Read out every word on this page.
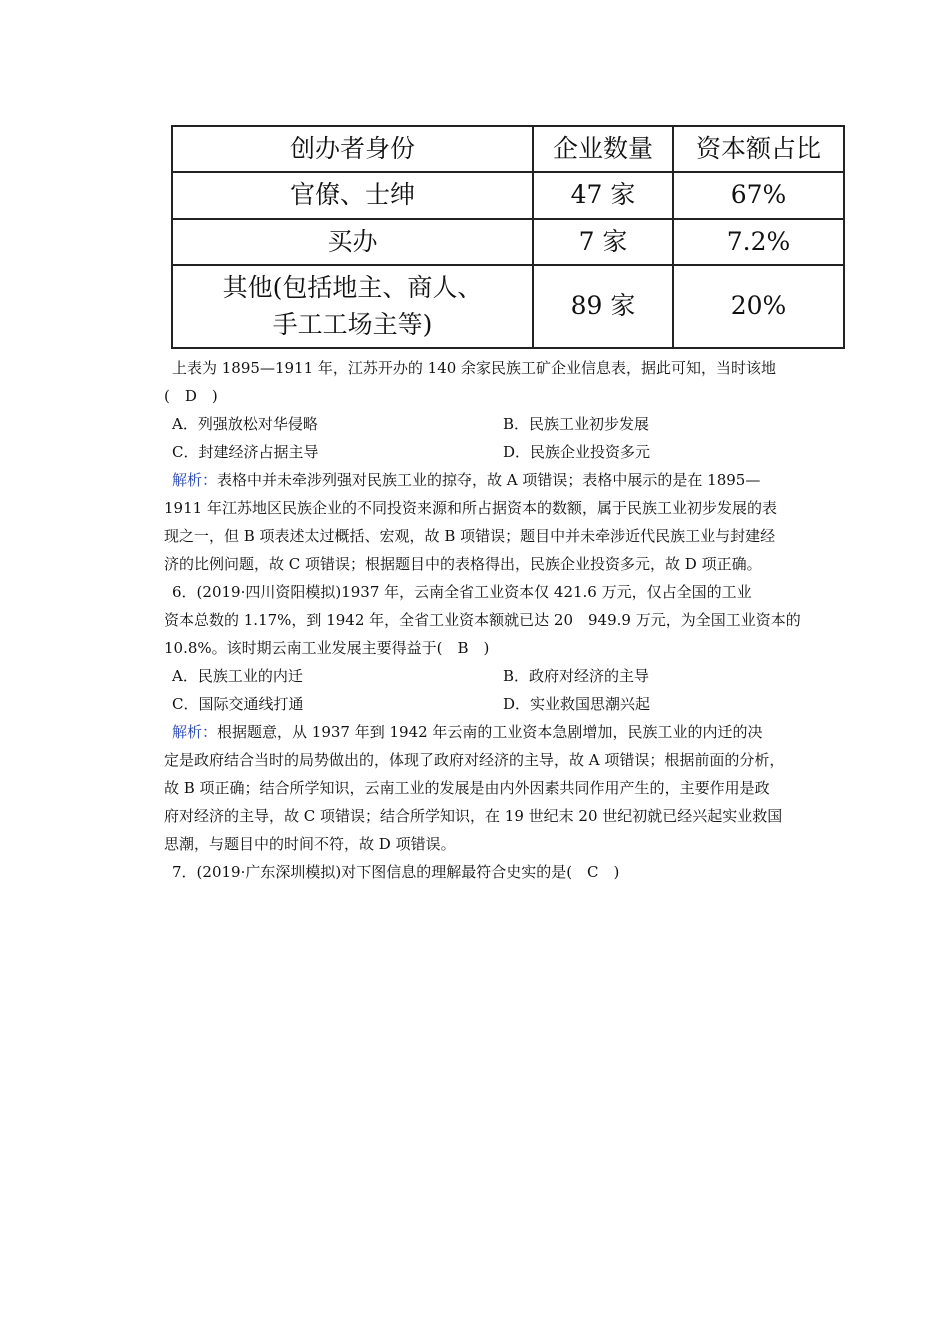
创办者身份	企业数量	资本额占比
官僚、士绅	47 家	67%
买办	7 家	7.2%

其他(包括地主、商人、
手工工场主等)	89 家	20%
上表为 1895—1911 年，江苏开办的 140 余家民族工矿企业信息表，据此可知，当时该地
(　D　)
A．列强放松对华侵略	B．民族工业初步发展
C．封建经济占据主导	D．民族企业投资多元
解析：表格中并未牵涉列强对民族工业的掠夺，故 A 项错误；表格中展示的是在 1895—
1911 年江苏地区民族企业的不同投资来源和所占据资本的数额，属于民族工业初步发展的表
现之一，但 B 项表述太过概括、宏观，故 B 项错误；题目中并未牵涉近代民族工业与封建经
济的比例问题，故 C 项错误；根据题目中的表格得出，民族企业投资多元，故 D 项正确。
6．(2019·四川资阳模拟)1937 年，云南全省工业资本仅 421.6 万元，仅占全国的工业
资本总数的 1.17%，到 1942 年，全省工业资本额就已达 20　949.9 万元，为全国工业资本的
10.8%。该时期云南工业发展主要得益于(　B　)
A．民族工业的内迁	B．政府对经济的主导
C．国际交通线打通	D．实业救国思潮兴起
解析：根据题意，从 1937 年到 1942 年云南的工业资本急剧增加，民族工业的内迁的决
定是政府结合当时的局势做出的，体现了政府对经济的主导，故 A 项错误；根据前面的分析，
故 B 项正确；结合所学知识，云南工业的发展是由内外因素共同作用产生的，主要作用是政
府对经济的主导，故 C 项错误；结合所学知识，在 19 世纪末 20 世纪初就已经兴起实业救国
思潮，与题目中的时间不符，故 D 项错误。
7．(2019·广东深圳模拟)对下图信息的理解最符合史实的是(　C　)
